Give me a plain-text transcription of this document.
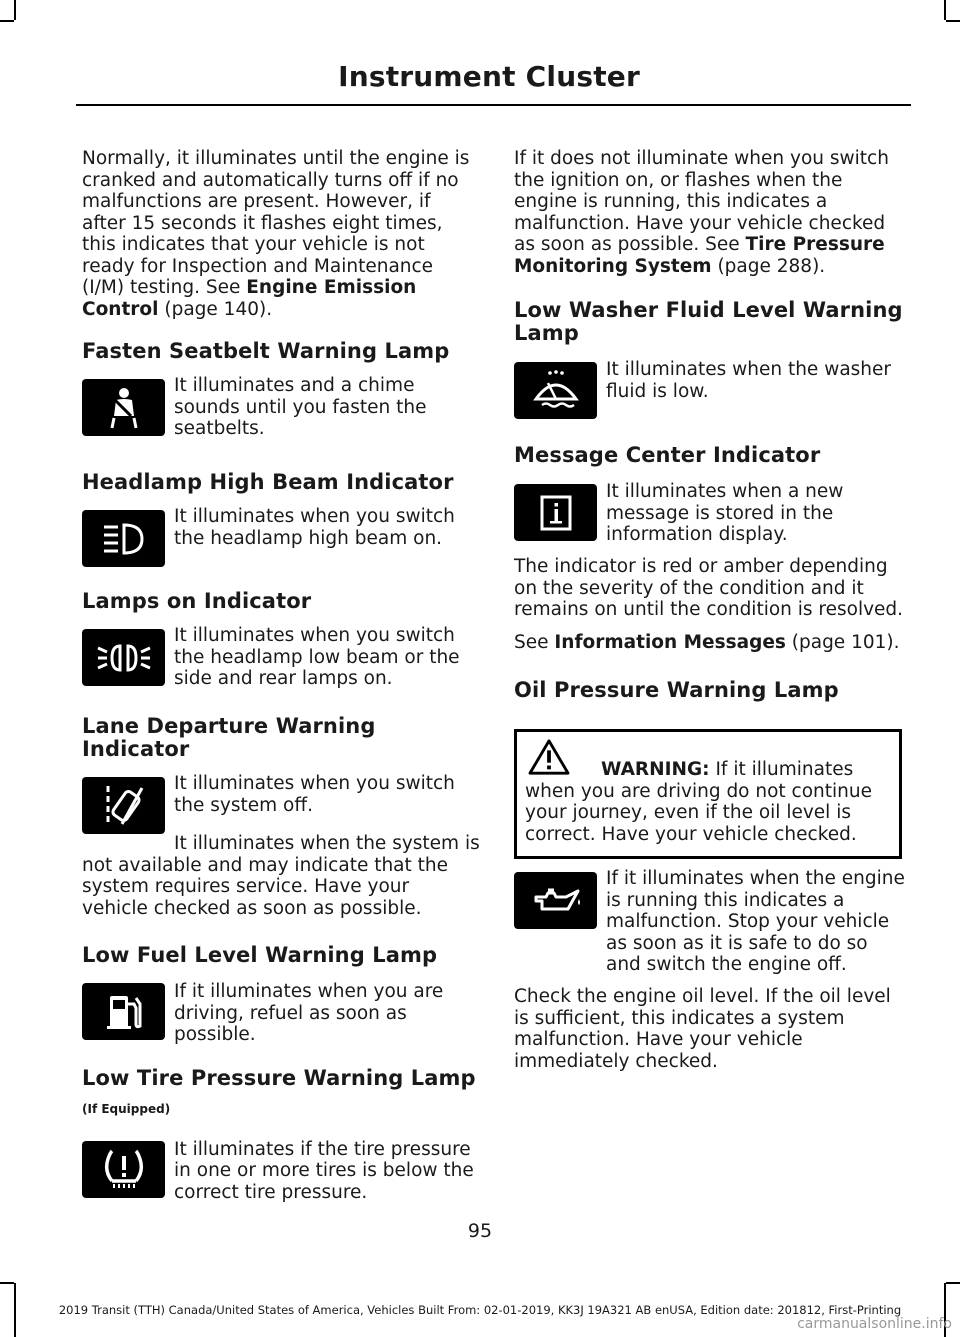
Instrument Cluster

Normally, it illuminates until the engine is cranked and automatically turns off if no malfunctions are present. However, if after 15 seconds it flashes eight times, this indicates that your vehicle is not ready for Inspection and Maintenance (I/M) testing. See Engine Emission Control (page 140).

Fasten Seatbelt Warning Lamp

It illuminates and a chime sounds until you fasten the seatbelts.

Headlamp High Beam Indicator

It illuminates when you switch the headlamp high beam on.

Lamps on Indicator

It illuminates when you switch the headlamp low beam or the side and rear lamps on.

Lane Departure Warning Indicator

It illuminates when you switch the system off.

It illuminates when the system is not available and may indicate that the system requires service. Have your vehicle checked as soon as possible.

Low Fuel Level Warning Lamp

If it illuminates when you are driving, refuel as soon as possible.

Low Tire Pressure Warning Lamp

(If Equipped)

It illuminates if the tire pressure in one or more tires is below the correct tire pressure.

If it does not illuminate when you switch the ignition on, or flashes when the engine is running, this indicates a malfunction. Have your vehicle checked as soon as possible. See Tire Pressure Monitoring System (page 288).

Low Washer Fluid Level Warning Lamp

It illuminates when the washer fluid is low.

Message Center Indicator

It illuminates when a new message is stored in the information display.

The indicator is red or amber depending on the severity of the condition and it remains on until the condition is resolved.

See Information Messages (page 101).

Oil Pressure Warning Lamp

WARNING: If it illuminates when you are driving do not continue your journey, even if the oil level is correct. Have your vehicle checked.

If it illuminates when the engine is running this indicates a malfunction. Stop your vehicle as soon as it is safe to do so and switch the engine off.

Check the engine oil level. If the oil level is sufficient, this indicates a system malfunction. Have your vehicle immediately checked.

95
2019 Transit (TTH) Canada/United States of America, Vehicles Built From: 02-01-2019, KK3J 19A321 AB enUSA, Edition date: 201812, First-Printing
carmanualsonline.info
